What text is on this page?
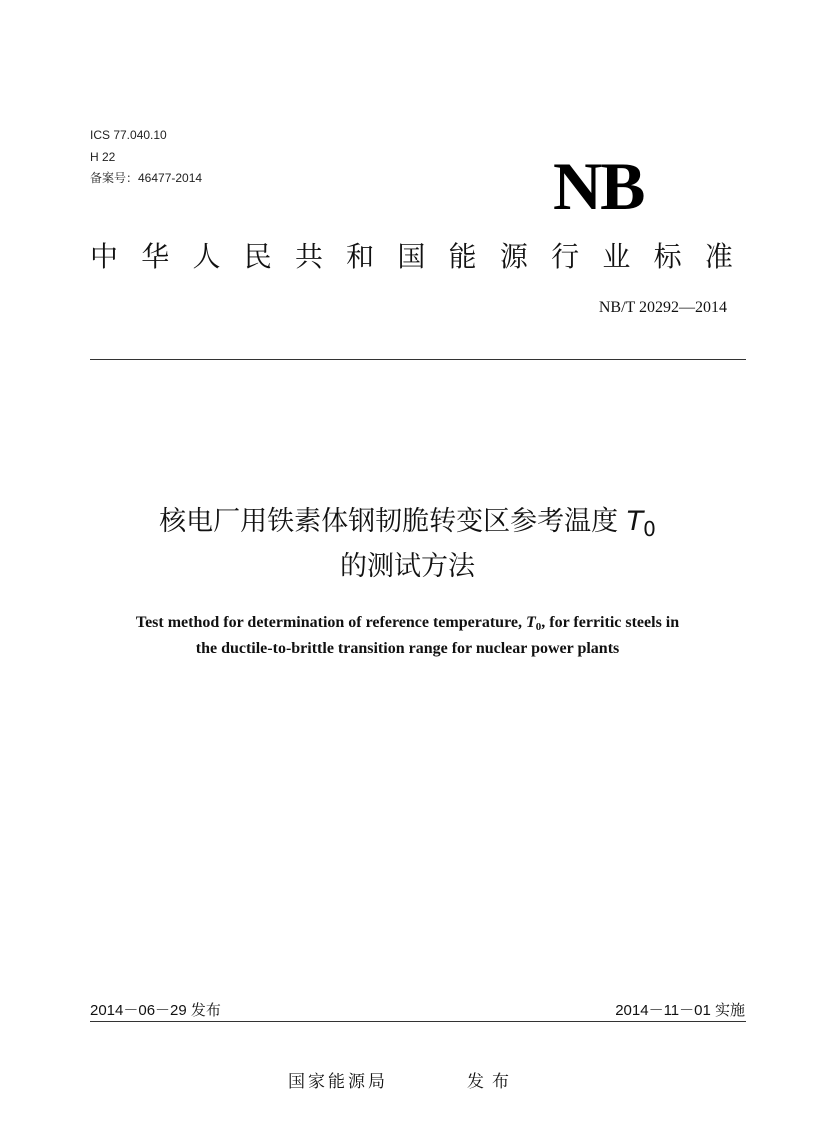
ICS 77.040.10
H 22
备案号：46477-2014	NB
中 华 人 民 共 和 国 能 源 行 业 标 准
NB/T 20292—2014
核电厂用铁素体钢韧脆转变区参考温度 $T_0$
的测试方法
Test method for determination of reference temperature, T0, for ferritic steels in
the ductile-to-brittle transition range for nuclear power plants
2014－06－29 发布	2014－11－01 实施
国家能源局	发布
